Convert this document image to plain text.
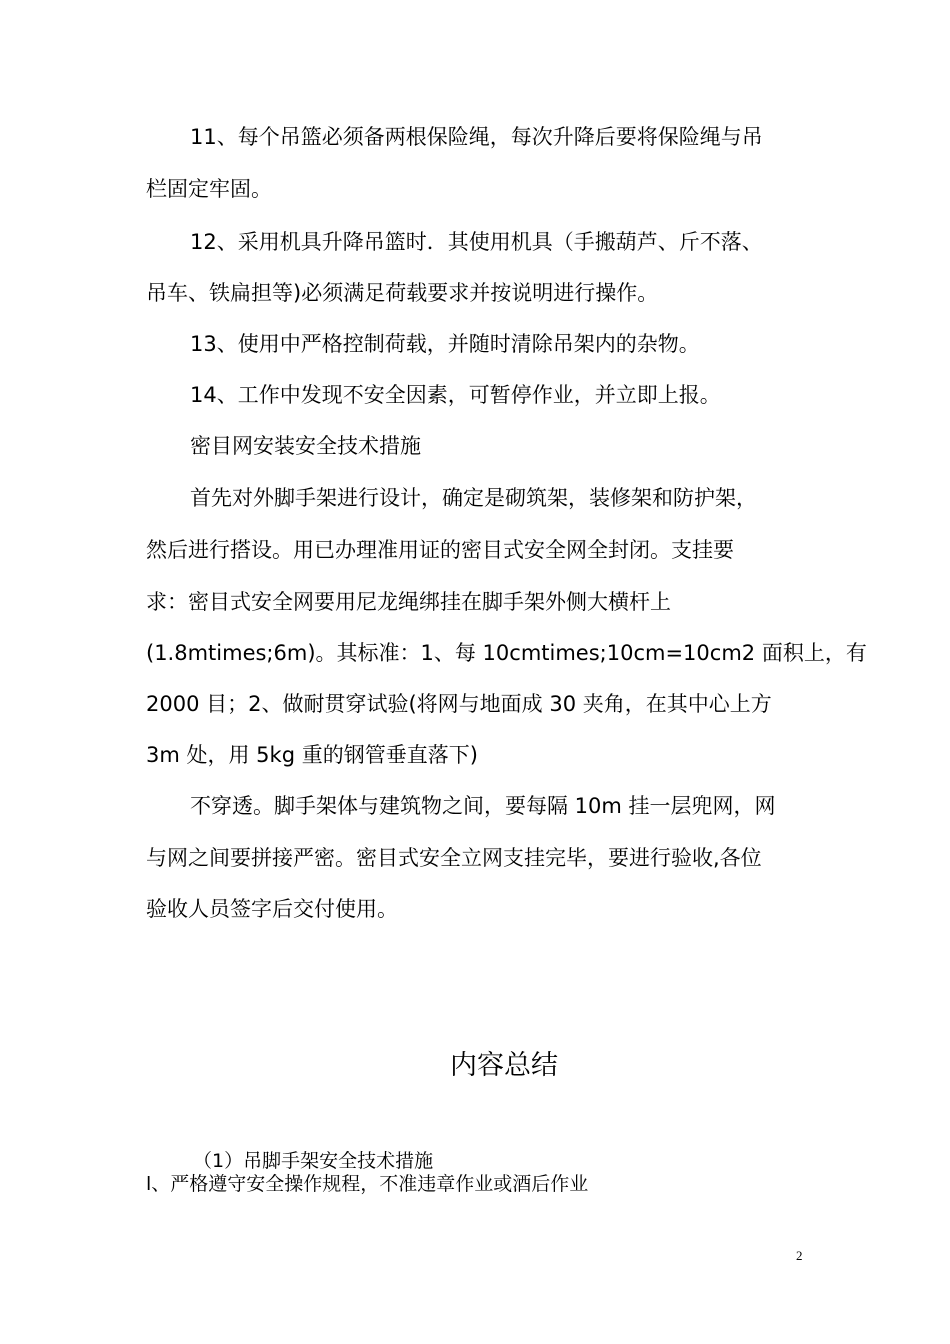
11、每个吊篮必须备两根保险绳，每次升降后要将保险绳与吊
栏固定牢固。
12、采用机具升降吊篮时．其使用机具（手搬葫芦、斤不落、
吊车、铁扁担等)必须满足荷载要求并按说明进行操作。
13、使用中严格控制荷载，并随时清除吊架内的杂物。
14、工作中发现不安全因素，可暂停作业，并立即上报。
密目网安装安全技术措施
首先对外脚手架进行设计，确定是砌筑架，装修架和防护架，
然后进行搭设。用已办理准用证的密目式安全网全封闭。支挂要
求：密目式安全网要用尼龙绳绑挂在脚手架外侧大横杆上
(1.8mtimes;6m)。其标准：1、每 10cmtimes;10cm=10cm2 面积上，有
2000 目；2、做耐贯穿试验(将网与地面成 30 夹角，在其中心上方
3m 处，用 5kg 重的钢管垂直落下)
不穿透。脚手架体与建筑物之间，要每隔 10m 挂一层兜网，网
与网之间要拼接严密。密目式安全立网支挂完毕，要进行验收,各位
验收人员签字后交付使用。
内容总结
（1）吊脚手架安全技术措施
l、严格遵守安全操作规程，不准违章作业或酒后作业
2
